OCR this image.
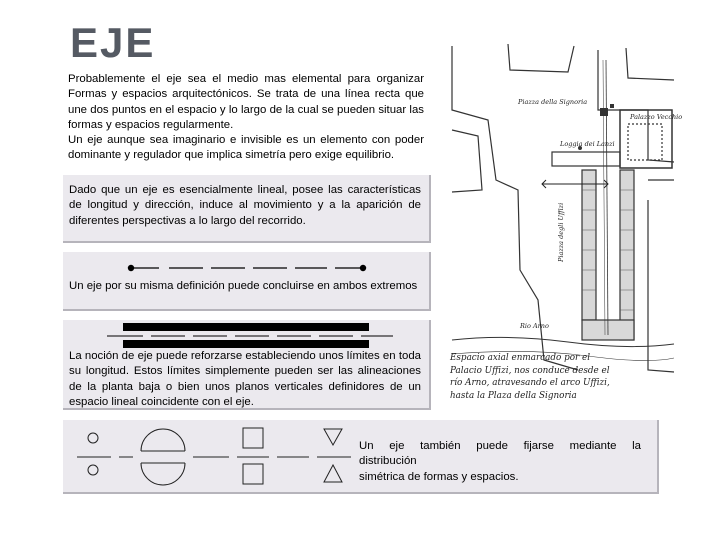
EJE

Probablemente el eje sea el medio mas elemental para organizar Formas y espacios arquitectónicos. Se trata de una línea recta que une dos puntos en el espacio y lo largo de la cual se pueden situar las formas y espacios regularmente.

Un eje aunque sea imaginario e invisible es un elemento con poder dominante y regulador que implica simetría pero exige equilibrio.

Dado que un eje es esencialmente lineal, posee las características de longitud y dirección, induce al movimiento y a la aparición de diferentes perspectivas a lo largo del recorrido.

Un eje por su misma definición puede concluirse en ambos extremos

La noción de eje puede reforzarse estableciendo unos límites en toda su longitud. Estos límites simplemente pueden ser las alineaciones de la planta baja o bien unos planos verticales definidores de un espacio lineal coincidente con el eje.

Un eje también puede fijarse mediante la
distribución
simétrica de formas y espacios.
Piazza della Signoria
Palazzo Vecchio
Loggia dei Lanzi
Piazza degli Uffizi
Rio Arno
Espacio axial enmarcado por el Palacio Uffizi, nos conduce desde el río Arno, atravesando el arco Uffizi, hasta la Plaza della Signoria
